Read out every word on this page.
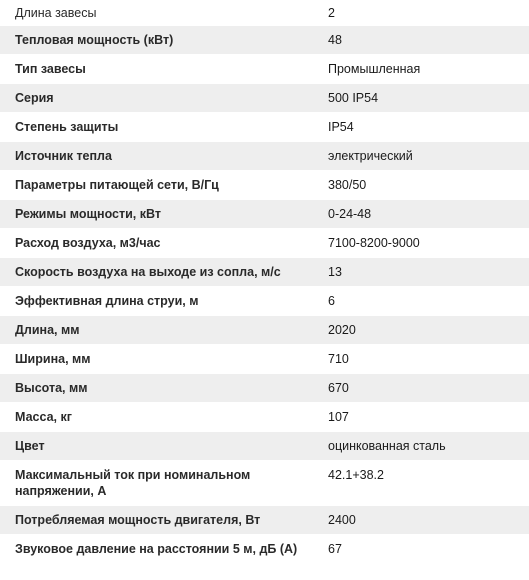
Длина завесы	2
Тепловая мощность (кВт)	48
Тип завесы	Промышленная
Серия	500 IP54
Степень защиты	IP54
Источник тепла	электрический
Параметры питающей сети, В/Гц	380/50
Режимы мощности, кВт	0-24-48
Расход воздуха, м3/час	7100-8200-9000
Скорость воздуха на выходе из сопла, м/с	13
Эффективная длина струи, м	6
Длина, мм	2020
Ширина, мм	710
Высота, мм	670
Масса, кг	107
Цвет	оцинкованная сталь
Максимальный ток при номинальном напряжении, А	42.1+38.2
Потребляемая мощность двигателя, Вт	2400
Звуковое давление на расстоянии 5 м, дБ (А)	67
